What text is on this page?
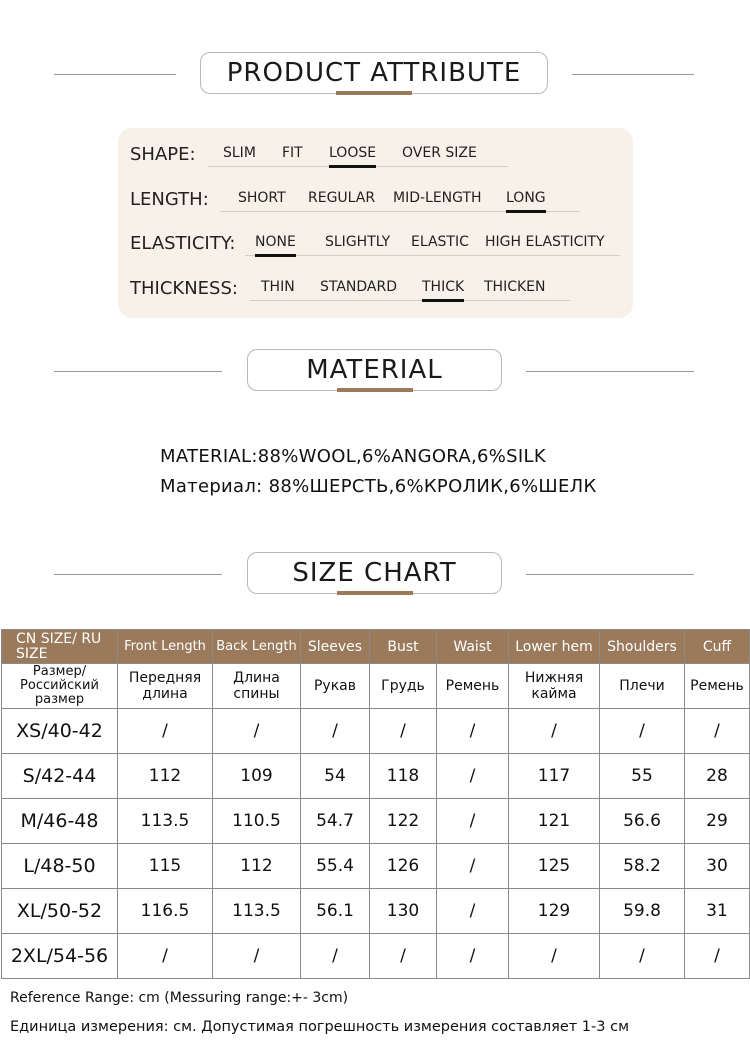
PRODUCT ATTRIBUTE
SHAPE: SLIM FIT LOOSE OVER SIZE
LENGTH: SHORT REGULAR MID-LENGTH LONG
ELASTICITY: NONE SLIGHTLY ELASTIC HIGH ELASTICITY
THICKNESS: THIN STANDARD THICK THICKEN
MATERIAL
MATERIAL:88%WOOL,6%ANGORA,6%SILK
Материал: 88%ШЕРСТЬ,6%КРОЛИК,6%ШЕЛК
SIZE CHART
CN SIZE/ RU SIZE	Front Length	Back Length	Sleeves	Bust	Waist	Lower hem	Shoulders	Cuff
Размер/ Российский размер	Передняя длина	Длина спины	Рукав	Грудь	Ремень	Нижняя кайма	Плечи	Ремень
XS/40-42	/	/	/	/	/	/	/	/
S/42-44	112	109	54	118	/	117	55	28
M/46-48	113.5	110.5	54.7	122	/	121	56.6	29
L/48-50	115	112	55.4	126	/	125	58.2	30
XL/50-52	116.5	113.5	56.1	130	/	129	59.8	31
2XL/54-56	/	/	/	/	/	/	/	/
Reference Range: cm (Messuring range:+- 3cm)
Единица измерения: см. Допустимая погрешность измерения составляет 1-3 см
